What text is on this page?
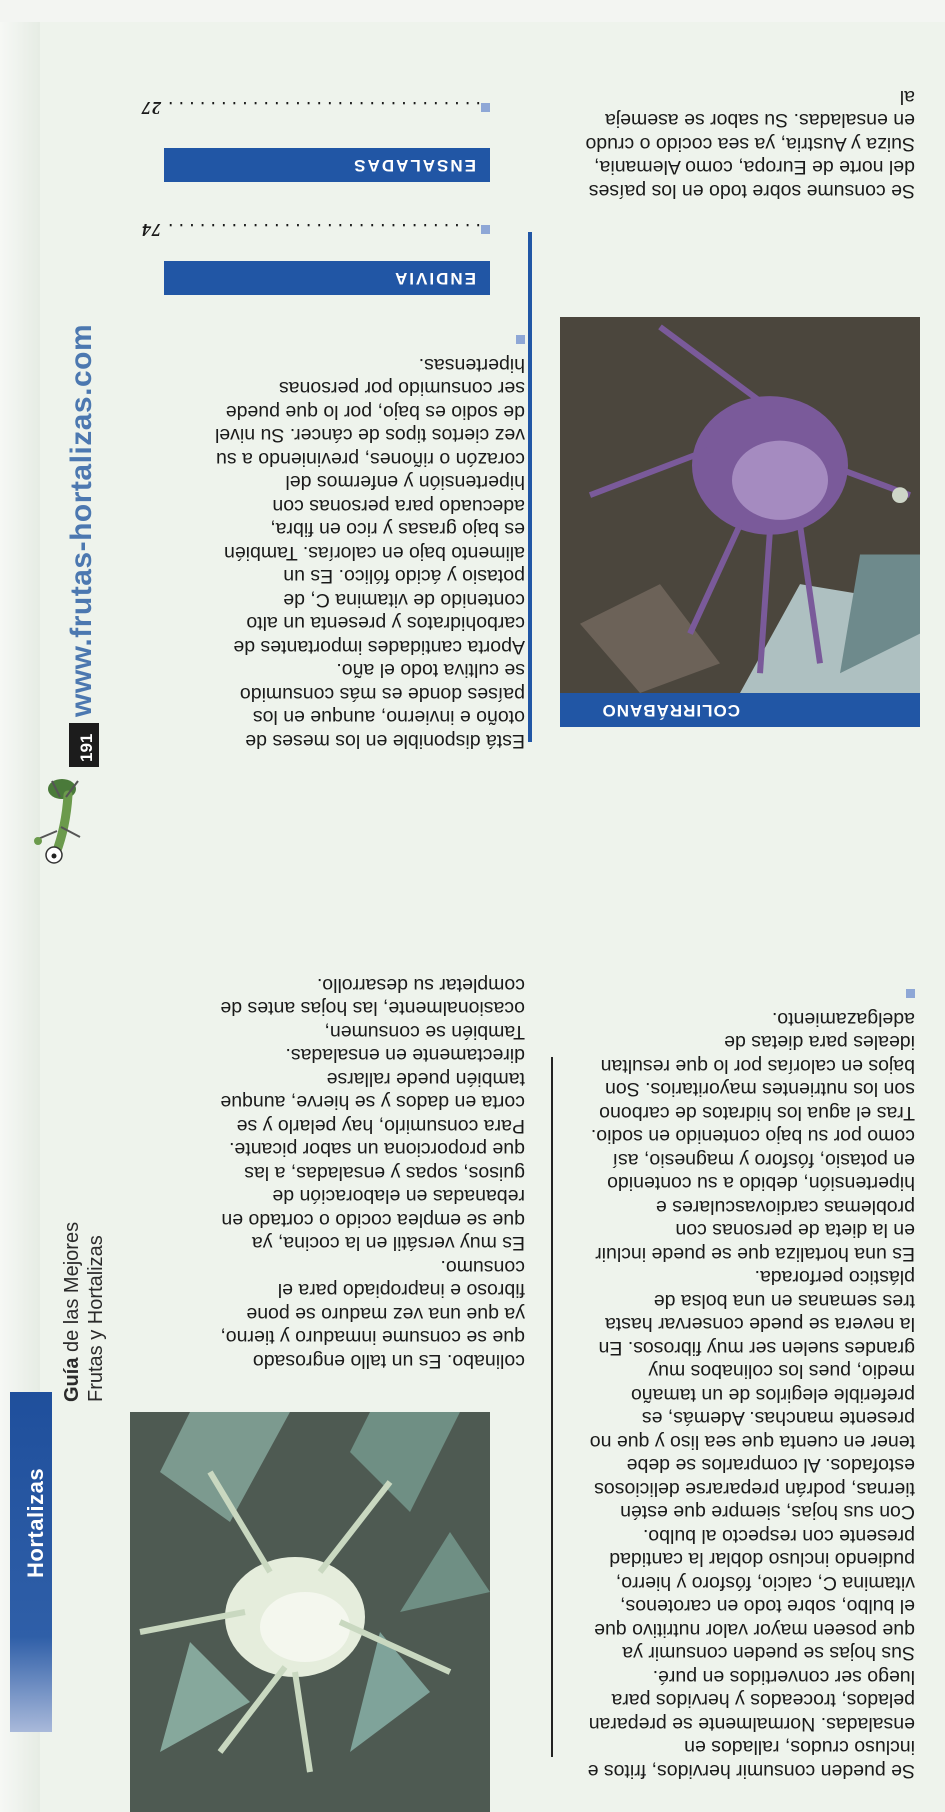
Hortalizas
Guía de las Mejores Frutas y Hortalizas
191
www.frutas-hortalizas.com

Se pueden consumir hervidos, fritos e incluso crudos, rallados en ensaladas. Normalmente se preparan pelados, troceados y hervidos para luego ser convertidos en puré.

Sus hojas se pueden consumir ya que poseen mayor valor nutritivo que el bulbo, sobre todo en carotenos, vitamina C, calcio, fósforo y hierro, pudiendo incluso doblar la cantidad presente con respecto al bulbo.

Con sus hojas, siempre que estén tiernas, podrán prepararse deliciosos estofados. Al comprarlos se debe tener en cuenta que sea liso y que no presente manchas. Además, es preferible elegirlos de un tamaño medio, pues los colinabos muy grandes suelen ser muy fibrosos. En la nevera se puede conservar hasta tres semanas en una bolsa de plástico perforada.

Es una hortaliza que se puede incluir en la dieta de personas con problemas cardiovasculares e hipertensión, debido a su contenido en potasio, fósforo y magnesio, así como por su bajo contenido en sodio. Tras el agua los hidratos de carbono son los nutrientes mayoritarios. Son bajos en calorías por lo que resultan ideales para dietas de adelgazamiento.

colinabo. Es un tallo engrosado que se consume inmaduro y tierno, ya que una vez maduro se pone fibroso e inapropiado para el consumo.

Es muy versátil en la cocina, ya que se emplea cocido o cortado en rebanadas en elaboración de guisos, sopas y ensaladas, a las que proporciona un sabor picante.

Para consumirlo, hay pelarlo y se corta en dados y se hierve, aunque también puede rallarse directamente en ensaladas. También se consumen, ocasionalmente, las hojas antes de completar su desarrollo.

Está disponible en los meses de otoño e invierno, aunque en los países donde es más consumido se cultiva todo el año.

Aporta cantidades importantes de carbohidratos y presenta un alto contenido de vitamina C, de potasio y ácido fólico. Es un alimento bajo en calorías. También es bajo grasas y rico en fibra, adecuado para personas con hipertensión y enfermos del corazón o riñones, previniendo a su vez ciertos tipos de cáncer. Su nivel de sodio es bajo, por lo que puede ser consumido por personas hipertensas.

COLIRRÁBANO

Se consume sobre todo en los países del norte de Europa, como Alemania, Suiza y Austria, ya sea cocido o crudo en ensaladas. Su sabor se asemeja al

ENDIVIA
..............................74
ENSALADAS
..............................27
